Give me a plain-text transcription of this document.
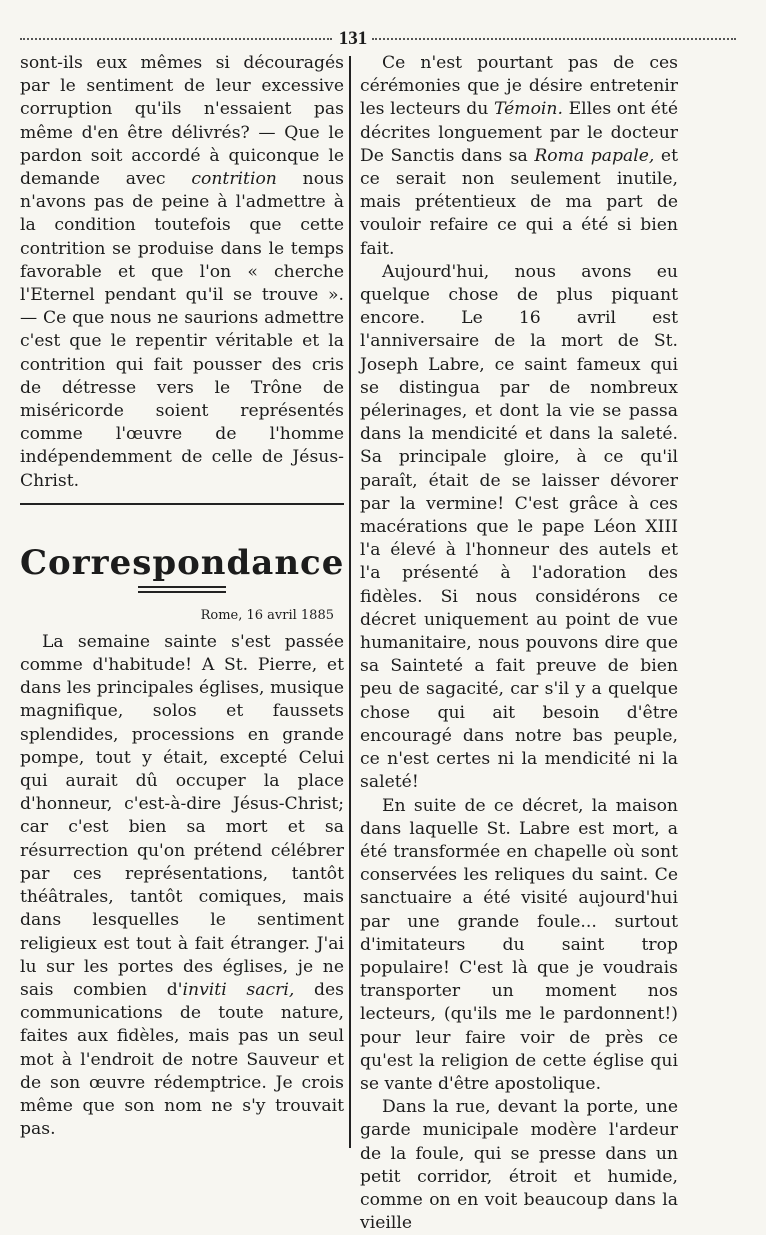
131

sont-ils eux mêmes si découragés par le sentiment de leur excessive corruption qu'ils n'essaient pas même d'en être délivrés? — Que le pardon soit accordé à quiconque le demande avec contrition nous n'avons pas de peine à l'admettre à la condition toutefois que cette contrition se produise dans le temps favorable et que l'on « cherche l'Eternel pendant qu'il se trouve ». — Ce que nous ne saurions admettre c'est que le repentir véritable et la contrition qui fait pousser des cris de détresse vers le Trône de miséricorde soient représentés comme l'œuvre de l'homme indépendemment de celle de Jésus-Christ.

Correspondance
Rome, 16 avril 1885

La semaine sainte s'est passée comme d'habitude! A St. Pierre, et dans les principales églises, musique magnifique, solos et faussets splendides, processions en grande pompe, tout y était, excepté Celui qui aurait dû occuper la place d'honneur, c'est-à-dire Jésus-Christ; car c'est bien sa mort et sa résurrection qu'on prétend célébrer par ces représentations, tantôt théâtrales, tantôt comiques, mais dans lesquelles le sentiment religieux est tout à fait étranger. J'ai lu sur les portes des églises, je ne sais combien d'inviti sacri, des communications de toute nature, faites aux fidèles, mais pas un seul mot à l'endroit de notre Sauveur et de son œuvre rédemptrice. Je crois même que son nom ne s'y trouvait pas.

Ce n'est pourtant pas de ces cérémonies que je désire entretenir les lecteurs du Témoin. Elles ont été décrites longuement par le docteur De Sanctis dans sa Roma papale, et ce serait non seulement inutile, mais prétentieux de ma part de vouloir refaire ce qui a été si bien fait.

Aujourd'hui, nous avons eu quelque chose de plus piquant encore. Le 16 avril est l'anniversaire de la mort de St. Joseph Labre, ce saint fameux qui se distingua par de nombreux pélerinages, et dont la vie se passa dans la mendicité et dans la saleté. Sa principale gloire, à ce qu'il paraît, était de se laisser dévorer par la vermine! C'est grâce à ces macérations que le pape Léon XIII l'a élevé à l'honneur des autels et l'a présenté à l'adoration des fidèles. Si nous considérons ce décret uniquement au point de vue humanitaire, nous pouvons dire que sa Sainteté a fait preuve de bien peu de sagacité, car s'il y a quelque chose qui ait besoin d'être encouragé dans notre bas peuple, ce n'est certes ni la mendicité ni la saleté!

En suite de ce décret, la maison dans laquelle St. Labre est mort, a été transformée en chapelle où sont conservées les reliques du saint. Ce sanctuaire a été visité aujourd'hui par une grande foule... surtout d'imitateurs du saint trop populaire! C'est là que je voudrais transporter un moment nos lecteurs, (qu'ils me le pardonnent!) pour leur faire voir de près ce qu'est la religion de cette église qui se vante d'être apostolique.

Dans la rue, devant la porte, une garde municipale modère l'ardeur de la foule, qui se presse dans un petit corridor, étroit et humide, comme on en voit beaucoup dans la vieille
